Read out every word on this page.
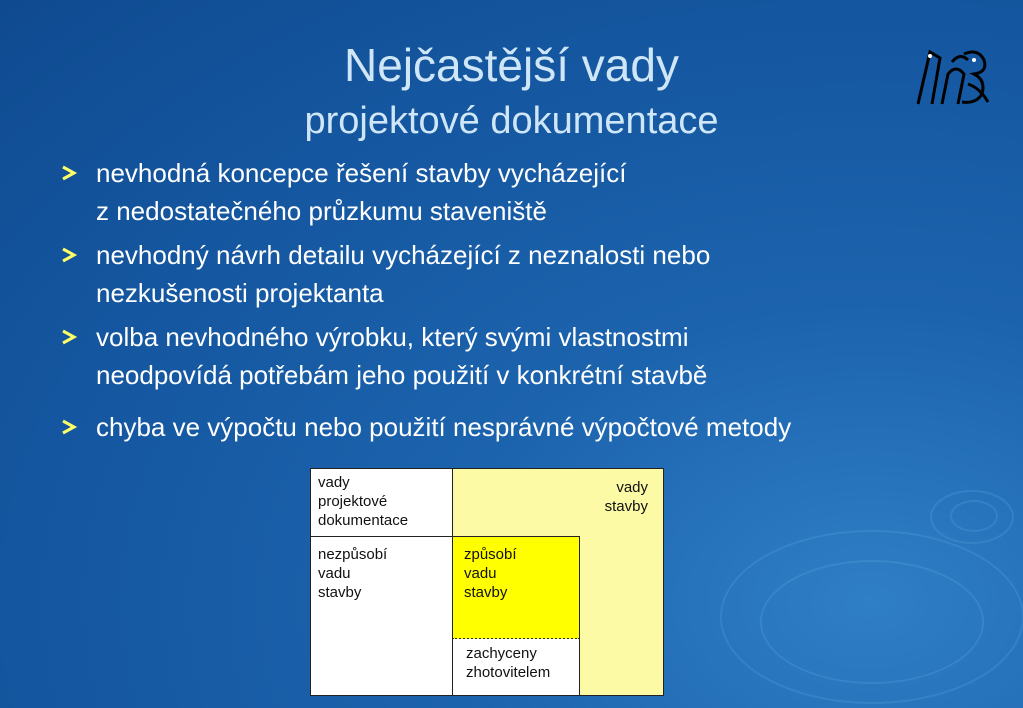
Nejčastější vady
projektové dokumentace
nevhodná koncepce řešení stavby vycházející
z nedostatečného průzkumu staveniště
nevhodný návrh detailu vycházející z neznalosti nebo
nezkušenosti projektanta
volba nevhodného výrobku, který svými vlastnostmi
neodpovídá potřebám jeho použití v konkrétní stavbě
chyba ve výpočtu nebo použití nesprávné výpočtové metody
vady
stavby
vady
projektové
dokumentace
nezpůsobí
vadu
stavby
způsobí
vadu
stavby
zachyceny
zhotovitelem
